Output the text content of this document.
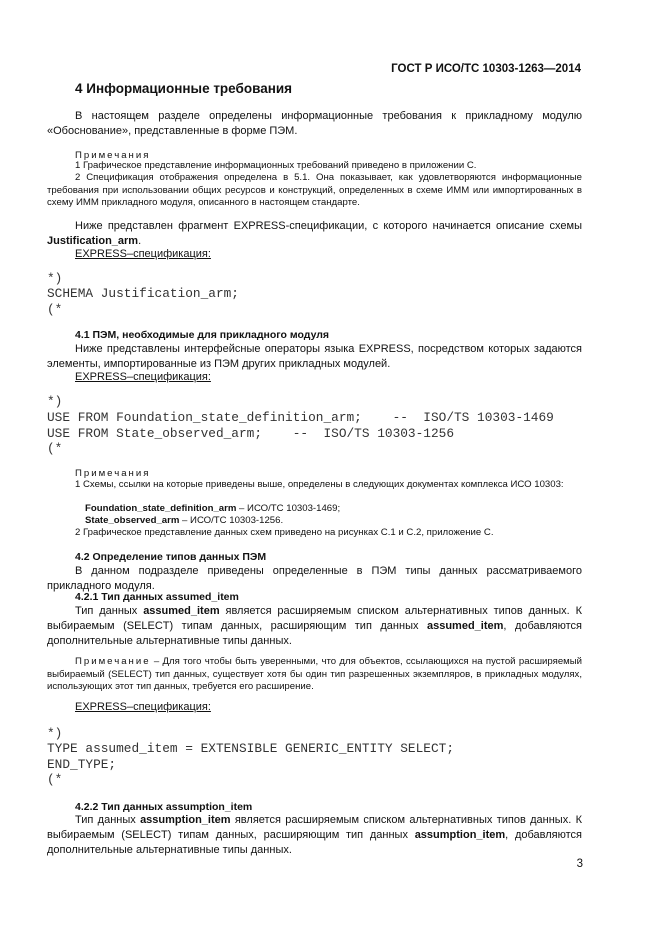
ГОСТ Р ИСО/ТС 10303-1263—2014
4 Информационные требования
В настоящем разделе определены информационные требования к прикладному модулю «Обоснование», представленные в форме ПЭМ.
Примечания
1 Графическое представление информационных требований приведено в приложении С.
2 Спецификация отображения определена в 5.1. Она показывает, как удовлетворяются информационные требования при использовании общих ресурсов и конструкций, определенных в схеме ИММ или импортированных в схему ИММ прикладного модуля, описанного в настоящем стандарте.
Ниже представлен фрагмент EXPRESS-спецификации, с которого начинается описание схемы Justification_arm.
EXPRESS–спецификация:
*)
SCHEMA Justification_arm;
(*
4.1 ПЭМ, необходимые для прикладного модуля
Ниже представлены интерфейсные операторы языка EXPRESS, посредством которых задаются элементы, импортированные из ПЭМ других прикладных модулей.
EXPRESS–спецификация:
*)
USE FROM Foundation_state_definition_arm;    --  ISO/TS 10303-1469
USE FROM State_observed_arm;    --  ISO/TS 10303-1256
(*
Примечания
1 Схемы, ссылки на которые приведены выше, определены в следующих документах комплекса ИСО 10303:
Foundation_state_definition_arm – ИСО/ТС 10303-1469;
State_observed_arm – ИСО/ТС 10303-1256.
2 Графическое представление данных схем приведено на рисунках С.1 и С.2, приложение С.
4.2 Определение типов данных ПЭМ
В данном подразделе приведены определенные в ПЭМ типы данных рассматриваемого прикладного модуля.
4.2.1 Тип данных assumed_item
Тип данных assumed_item является расширяемым списком альтернативных типов данных. К выбираемым (SELECT) типам данных, расширяющим тип данных assumed_item, добавляются дополнительные альтернативные типы данных.
Примечание – Для того чтобы быть уверенными, что для объектов, ссылающихся на пустой расширяемый выбираемый (SELECT) тип данных, существует хотя бы один тип разрешенных экземпляров, в прикладных модулях, использующих этот тип данных, требуется его расширение.
EXPRESS–спецификация:
*)
TYPE assumed_item = EXTENSIBLE GENERIC_ENTITY SELECT;
END_TYPE;
(*
4.2.2 Тип данных assumption_item
Тип данных assumption_item является расширяемым списком альтернативных типов данных. К выбираемым (SELECT) типам данных, расширяющим тип данных assumption_item, добавляются дополнительные альтернативные типы данных.
3
